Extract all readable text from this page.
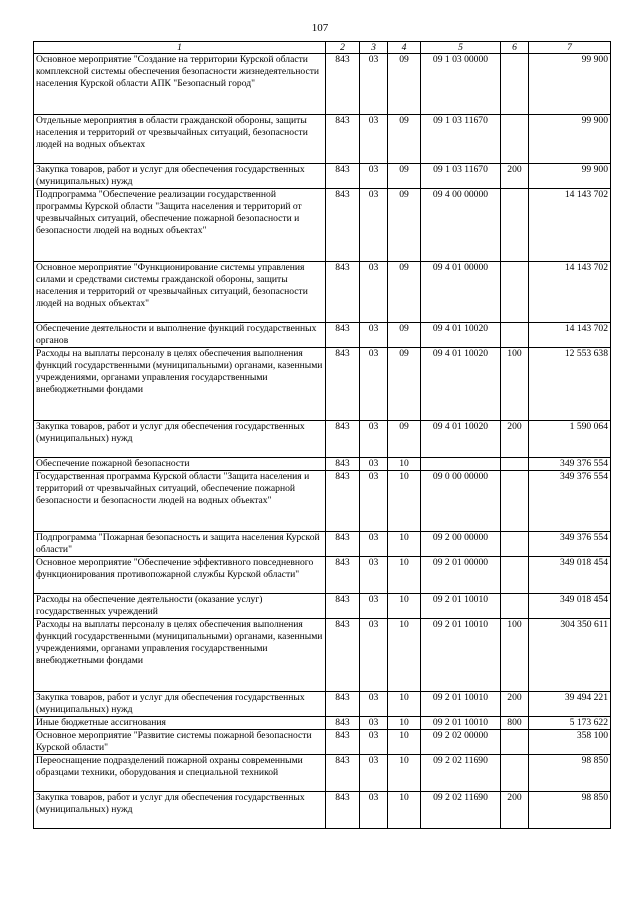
107
1	2	3	4	5	6	7
Основное мероприятие "Создание на территории Курской области комплексной системы обеспечения безопасности жизнедеятельности населения Курской области АПК "Безопасный город"	843	03	09	09 1 03 00000		99 900
Отдельные мероприятия в области гражданской обороны, защиты населения и территорий от чрезвычайных ситуаций, безопасности людей на водных объектах	843	03	09	09 1 03 11670		99 900
Закупка товаров, работ и услуг для обеспечения государственных (муниципальных) нужд	843	03	09	09 1 03 11670	200	99 900
Подпрограмма "Обеспечение реализации государственной программы Курской области "Защита населения и территорий от чрезвычайных ситуаций, обеспечение пожарной безопасности и безопасности людей на водных объектах"	843	03	09	09 4 00 00000		14 143 702
Основное мероприятие "Функционирование системы управления силами и средствами системы гражданской обороны, защиты населения и территорий от чрезвычайных ситуаций, безопасности людей на водных объектах"	843	03	09	09 4 01 00000		14 143 702
Обеспечение деятельности и выполнение функций государственных органов	843	03	09	09 4 01 10020		14 143 702
Расходы на выплаты персоналу в целях обеспечения выполнения функций государственными (муниципальными) органами, казенными учреждениями, органами управления государственными внебюджетными фондами	843	03	09	09 4 01 10020	100	12 553 638
Закупка товаров, работ и услуг для обеспечения государственных (муниципальных) нужд	843	03	09	09 4 01 10020	200	1 590 064
Обеспечение пожарной безопасности	843	03	10			349 376 554
Государственная программа Курской области "Защита населения и территорий от чрезвычайных ситуаций, обеспечение пожарной безопасности и безопасности людей на водных объектах"	843	03	10	09 0 00 00000		349 376 554
Подпрограмма "Пожарная безопасность и защита населения Курской области"	843	03	10	09 2 00 00000		349 376 554
Основное мероприятие "Обеспечение эффективного повседневного функционирования противопожарной службы Курской области"	843	03	10	09 2 01 00000		349 018 454
Расходы на обеспечение деятельности (оказание услуг) государственных учреждений	843	03	10	09 2 01 10010		349 018 454
Расходы на выплаты персоналу в целях обеспечения выполнения функций государственными (муниципальными) органами, казенными учреждениями, органами управления государственными внебюджетными фондами	843	03	10	09 2 01 10010	100	304 350 611
Закупка товаров, работ и услуг для обеспечения государственных (муниципальных) нужд	843	03	10	09 2 01 10010	200	39 494 221
Иные бюджетные ассигнования	843	03	10	09 2 01 10010	800	5 173 622
Основное мероприятие "Развитие системы пожарной безопасности Курской области"	843	03	10	09 2 02 00000		358 100
Переоснащение подразделений пожарной охраны современными образцами техники, оборудования и специальной техникой	843	03	10	09 2 02 11690		98 850
Закупка товаров, работ и услуг для обеспечения государственных (муниципальных) нужд	843	03	10	09 2 02 11690	200	98 850
